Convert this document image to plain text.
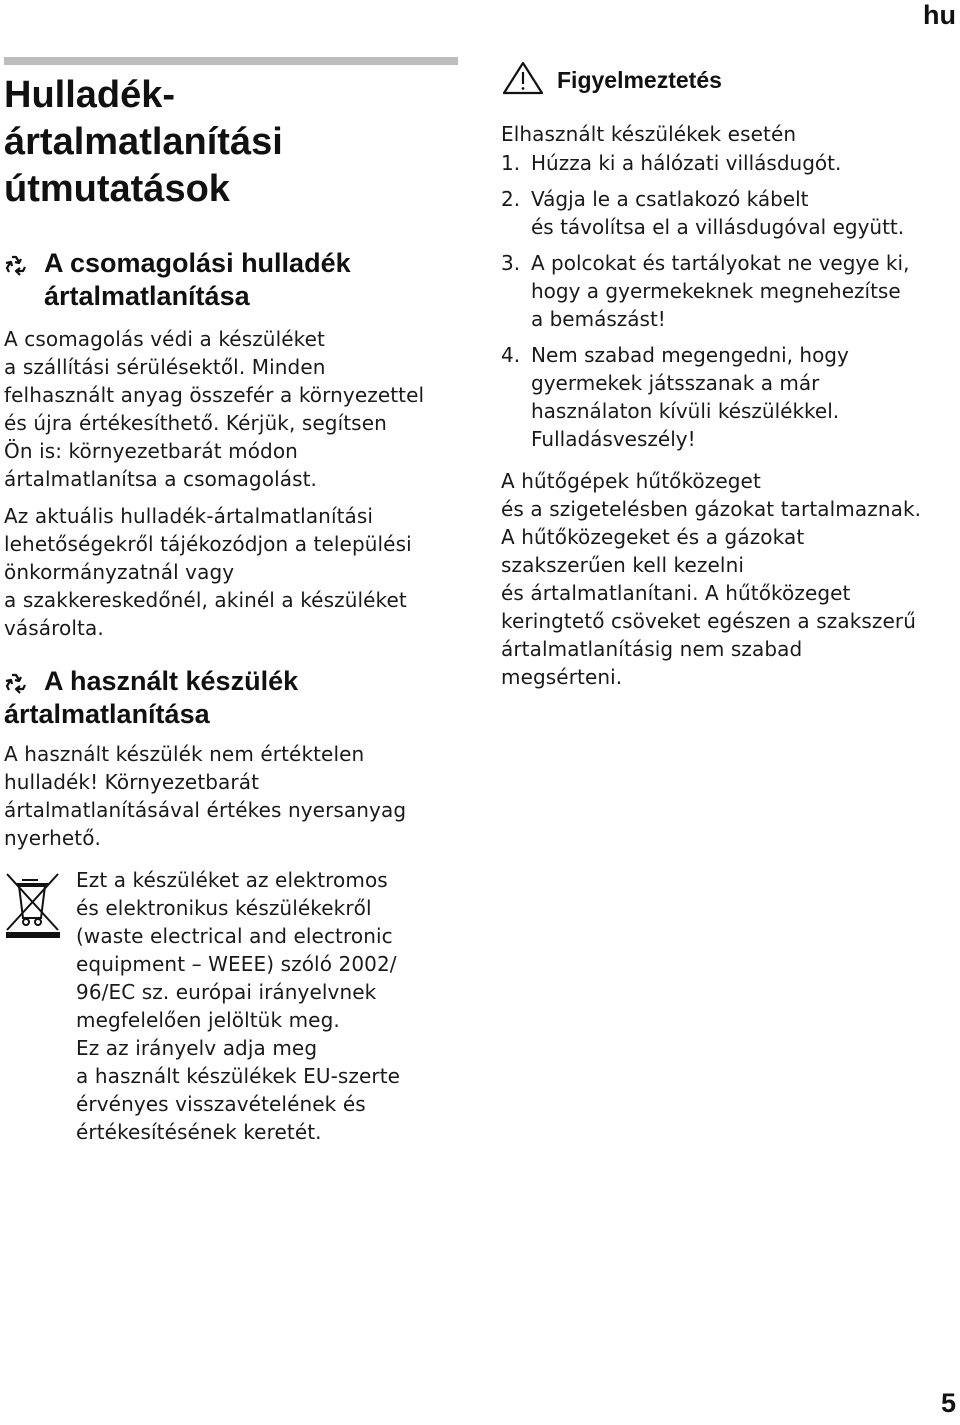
hu
Hulladék-
ártalmatlanítási
útmutatások
A csomagolási hulladék
ártalmatlanítása

A csomagolás védi a készüléket
a szállítási sérülésektől. Minden
felhasznált anyag összefér a környezettel
és újra értékesíthető. Kérjük, segítsen
Ön is: környezetbarát módon
ártalmatlanítsa a csomagolást.

Az aktuális hulladék-ártalmatlanítási
lehetőségekről tájékozódjon a települési
önkormányzatnál vagy
a szakkereskedőnél, akinél a készüléket
vásárolta.

A használt készülék
ártalmatlanítása

A használt készülék nem értéktelen
hulladék! Környezetbarát
ártalmatlanításával értékes nyersanyag
nyerhető.

Ezt a készüléket az elektromos
és elektronikus készülékekről
(waste electrical and electronic
equipment – WEEE) szóló 2002/
96/EC sz. európai irányelvnek
megfelelően jelöltük meg.
Ez az irányelv adja meg
a használt készülékek EU-szerte
érvényes visszavételének és
értékesítésének keretét.

Figyelmeztetés

Elhasznált készülékek esetén

1. Húzza ki a hálózati villásdugót.
2. Vágja le a csatlakozó kábelt
és távolítsa el a villásdugóval együtt.
3. A polcokat és tartályokat ne vegye ki,
hogy a gyermekeknek megnehezítse
a bemászást!
4. Nem szabad megengedni, hogy
gyermekek játsszanak a már
használaton kívüli készülékkel.
Fulladásveszély!

A hűtőgépek hűtőközeget
és a szigetelésben gázokat tartalmaznak.
A hűtőközegeket és a gázokat
szakszerűen kell kezelni
és ártalmatlanítani. A hűtőközeget
keringtető csöveket egészen a szakszerű
ártalmatlanításig nem szabad
megsérteni.

5
